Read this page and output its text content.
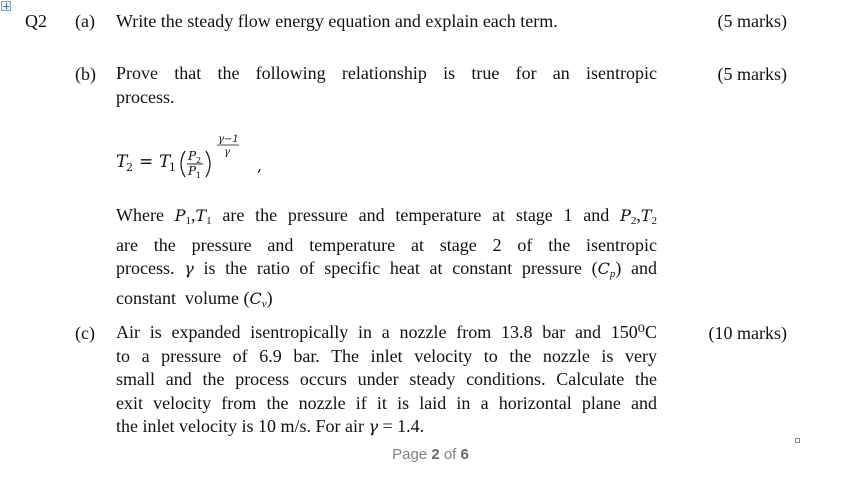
Q2 (a) Write the steady flow energy equation and explain each term.	(5 marks)
(b) Prove that the following relationship is true for an isentropic
process.
(5 marks)
T
2 = T
1
P 2
P 1
γ−1
γ
,
Where $P_1,T_1$ are the pressure and temperature at stage 1 and $P_2,T_2$
are the pressure and temperature at stage 2 of the isentropic
process. γ is the ratio of specific heat at constant pressure $(C_p)$ and
constant  volume $(C_v)$
(c)	(10 marks)
Air is expanded isentropically in a nozzle from 13.8 bar and 150⁰C
to a pressure of 6.9 bar. The inlet velocity to the nozzle is very
small and the process occurs under steady conditions. Calculate the
exit velocity from the nozzle if it is laid in a horizontal plane and
the inlet velocity is 10 m/s. For air γ = 1.4.
Page 2 of 6
